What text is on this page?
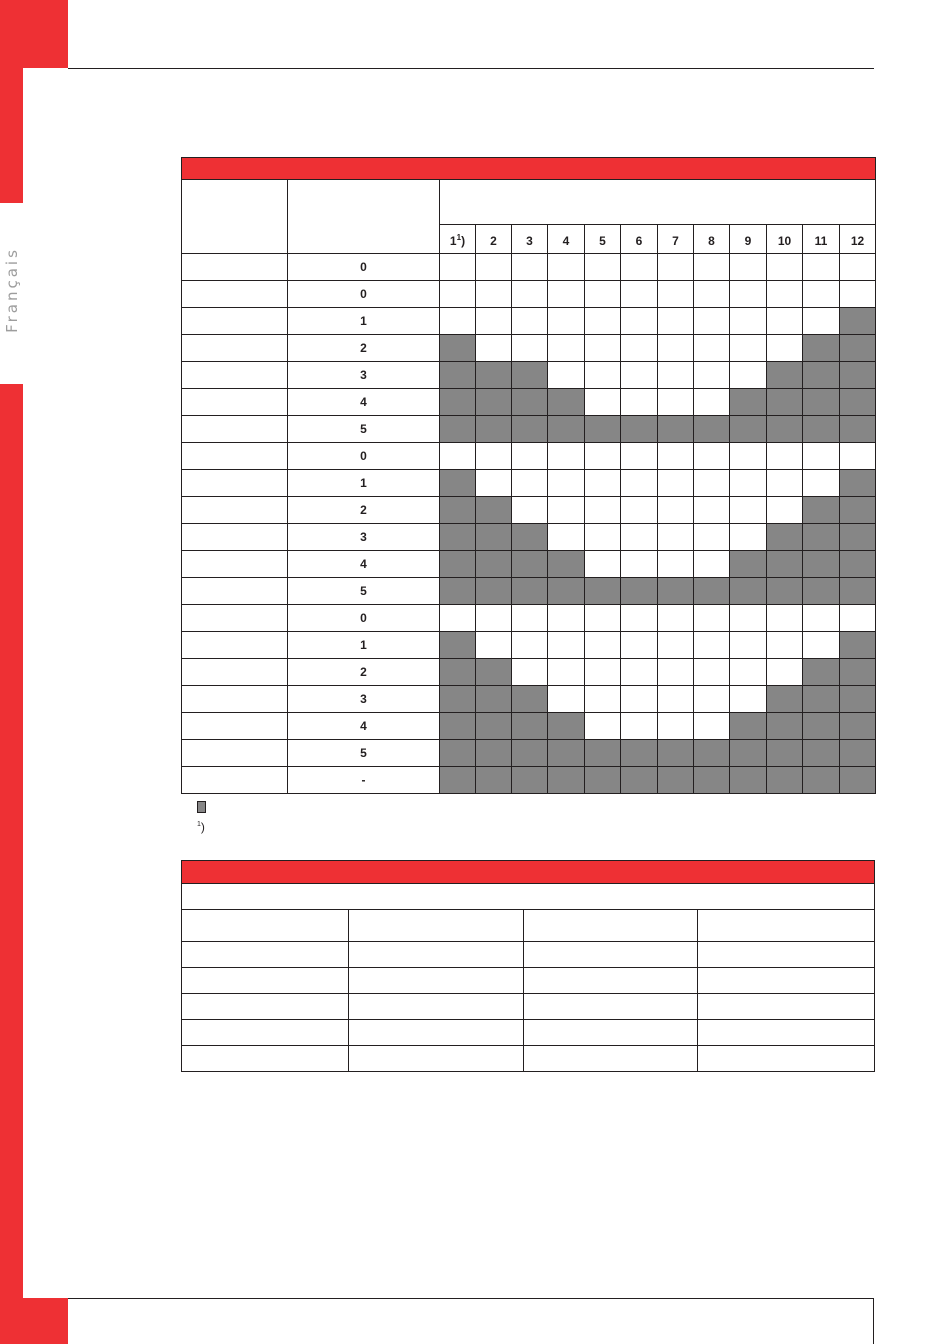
Français

		$1^1$)	2	3	4	5	6	7	8	9	10	11	12
	0												
	0												
	1												
	2												
	3												
	4												
	5												
	0												
	1												
	2												
	3												
	4												
	5												
	0												
	1												
	2												
	3												
	4												
	5												
	-												
$^1$)
